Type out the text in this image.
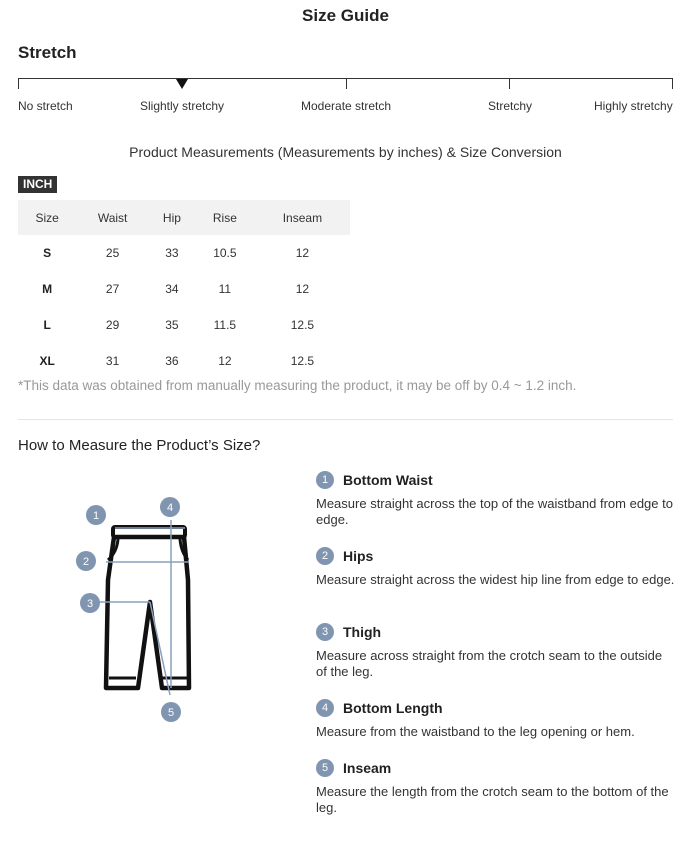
Size Guide
Stretch
No stretch	Slightly stretchy	Moderate stretch	Stretchy	Highly stretchy
Product Measurements (Measurements by inches) & Size Conversion
INCH
Size	Waist	Hip	Rise	Inseam
S	25	33	10.5	12
M	27	34	11	12
L	29	35	11.5	12.5
XL	31	36	12	12.5
*This data was obtained from manually measuring the product, it may be off by 0.4 ~ 1.2 inch.
How to Measure the Product’s Size?
1
4
2
3
5
1	Bottom Waist
Measure straight across the top of the waistband from edge to edge.
2	Hips
Measure straight across the widest hip line from edge to edge.
3	Thigh
Measure across straight from the crotch seam to the outside of the leg.
4	Bottom Length
Measure from the waistband to the leg opening or hem.
5	Inseam
Measure the length from the crotch seam to the bottom of the leg.
